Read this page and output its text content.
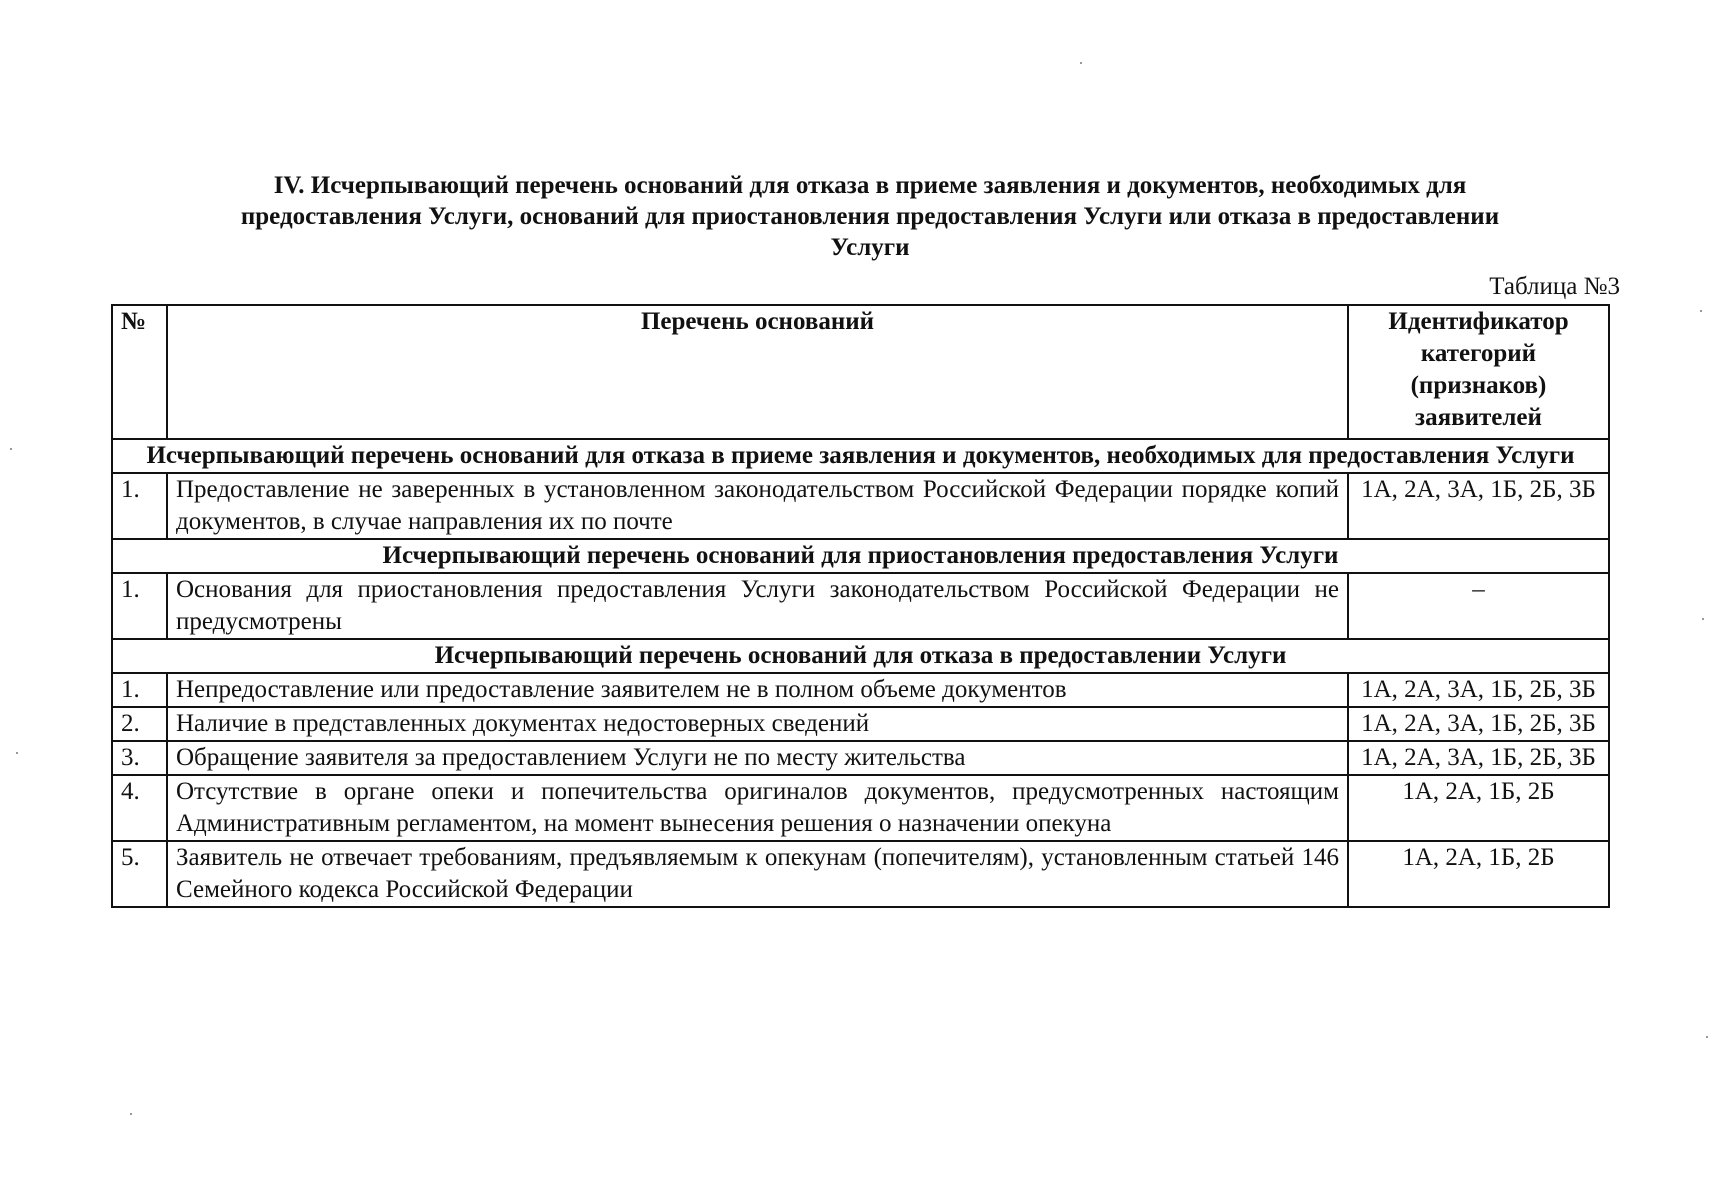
IV. Исчерпывающий перечень оснований для отказа в приеме заявления и документов, необходимых для
предоставления Услуги, оснований для приостановления предоставления Услуги или отказа в предоставлении
Услуги
Таблица №3
№	Перечень оснований	Идентификатор категорий (признаков) заявителей
Исчерпывающий перечень оснований для отказа в приеме заявления и документов, необходимых для предоставления Услуги		
1.	Предоставление не заверенных в установленном законодательством Российской Федерации порядке копий документов, в случае направления их по почте	1А, 2А, 3А, 1Б, 2Б, 3Б
Исчерпывающий перечень оснований для приостановления предоставления Услуги		
1.	Основания для приостановления предоставления Услуги законодательством Российской Федерации не предусмотрены	–
Исчерпывающий перечень оснований для отказа в предоставлении Услуги		
1.	Непредоставление или предоставление заявителем не в полном объеме документов	1А, 2А, 3А, 1Б, 2Б, 3Б
2.	Наличие в представленных документах недостоверных сведений	1А, 2А, 3А, 1Б, 2Б, 3Б
3.	Обращение заявителя за предоставлением Услуги не по месту жительства	1А, 2А, 3А, 1Б, 2Б, 3Б
4.	Отсутствие в органе опеки и попечительства оригиналов документов, предусмотренных настоящим Административным регламентом, на момент вынесения решения о назначении опекуна	1А, 2А, 1Б, 2Б
5.	Заявитель не отвечает требованиям, предъявляемым к опекунам (попечителям), установленным статьей 146 Семейного кодекса Российской Федерации	1А, 2А, 1Б, 2Б
